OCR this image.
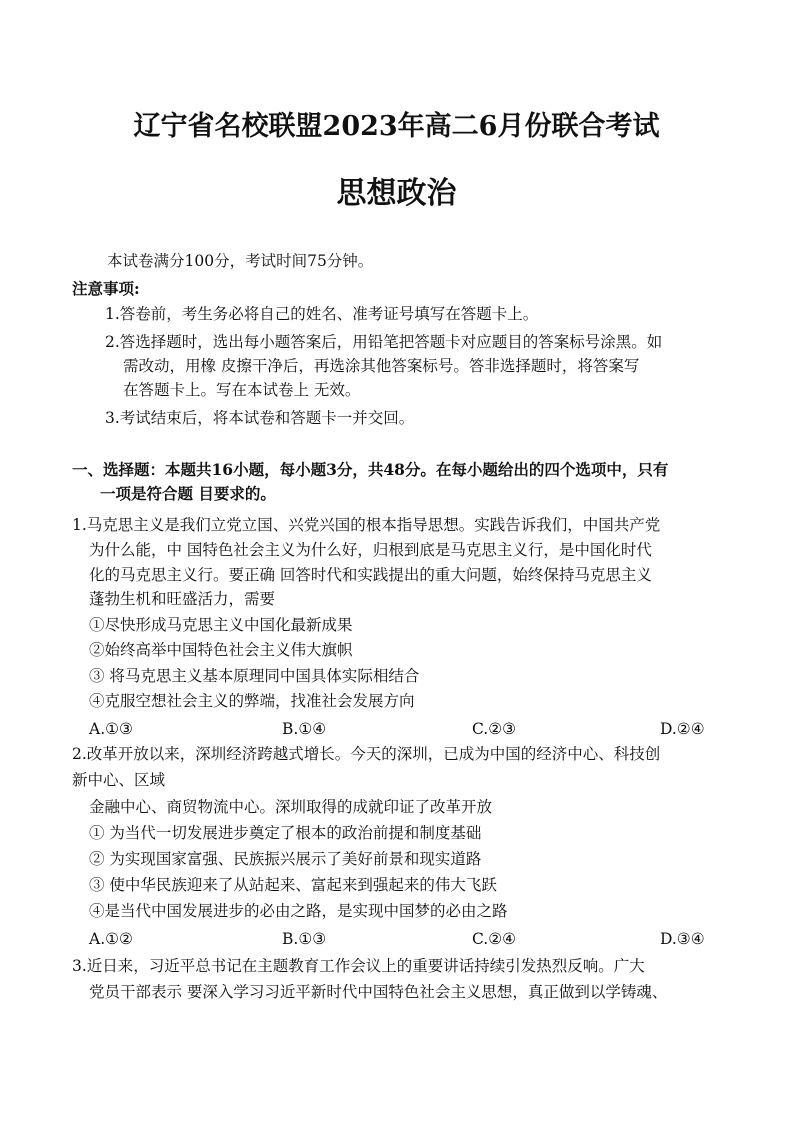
辽宁省名校联盟2023年高二6月份联合考试
思想政治
本试卷满分100分，考试时间75分钟。
注意事项:
1.答卷前，考生务必将自己的姓名、准考证号填写在答题卡上。
2.答选择题时，选出每小题答案后，用铅笔把答题卡对应题目的答案标号涂黑。如
需改动，用橡 皮擦干净后，再选涂其他答案标号。答非选择题时，将答案写
在答题卡上。写在本试卷上 无效。
3.考试结束后，将本试卷和答题卡一并交回。
一、选择题：本题共16小题，每小题3分，共48分。在每小题给出的四个选项中，只有
一项是符合题 目要求的。
1.马克思主义是我们立党立国、兴党兴国的根本指导思想。实践告诉我们，中国共产党
为什么能，中 国特色社会主义为什么好，归根到底是马克思主义行，是中国化时代
化的马克思主义行。要正确 回答时代和实践提出的重大问题，始终保持马克思主义
蓬勃生机和旺盛活力，需要
①尽快形成马克思主义中国化最新成果
②始终高举中国特色社会主义伟大旗帜
③ 将马克思主义基本原理同中国具体实际相结合
④克服空想社会主义的弊端，找准社会发展方向
A.①③	B.①④	C.②③	D.②④
2.改革开放以来，深圳经济跨越式增长。今天的深圳，已成为中国的经济中心、科技创
新中心、区域
金融中心、商贸物流中心。深圳取得的成就印证了改革开放
① 为当代一切发展进步奠定了根本的政治前提和制度基础
② 为实现国家富强、民族振兴展示了美好前景和现实道路
③ 使中华民族迎来了从站起来、富起来到强起来的伟大飞跃
④是当代中国发展进步的必由之路，是实现中国梦的必由之路
A.①②	B.①③	C.②④	D.③④
3.近日来，习近平总书记在主题教育工作会议上的重要讲话持续引发热烈反响。广大
党员干部表示 要深入学习习近平新时代中国特色社会主义思想，真正做到以学铸魂、
